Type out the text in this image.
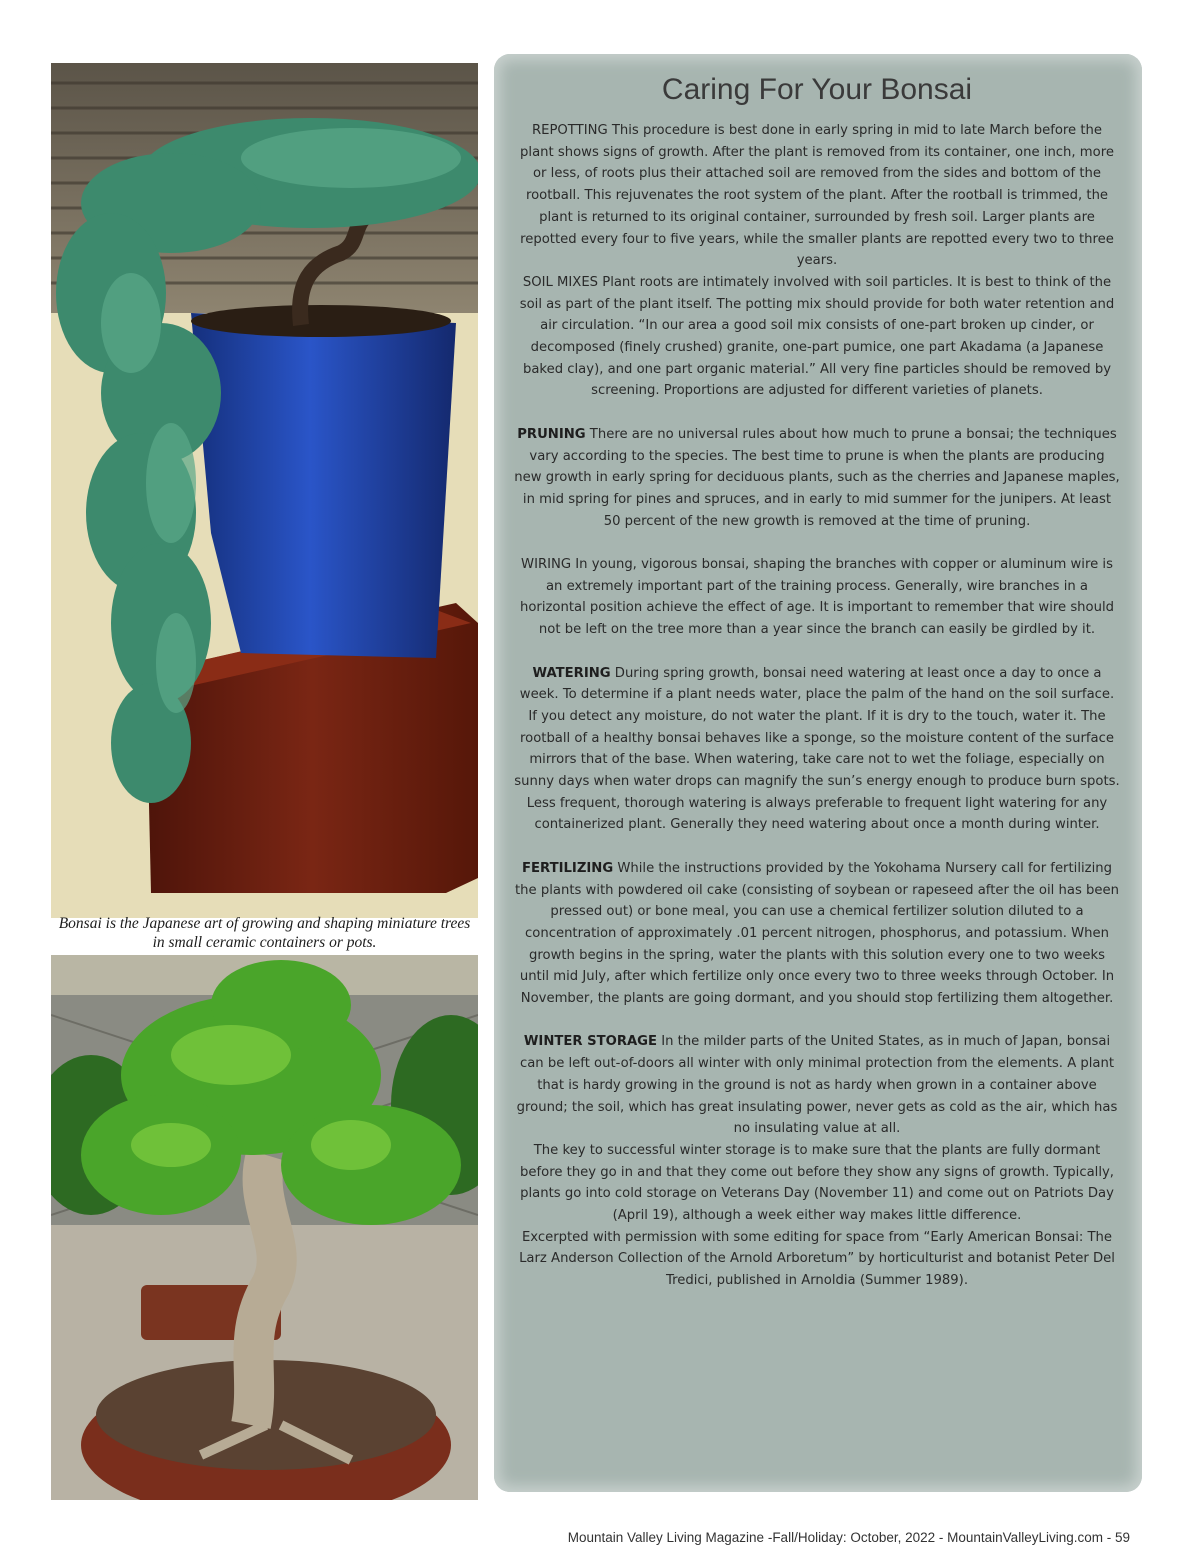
Bonsai is the Japanese art of growing and shaping miniature trees in small ceramic containers or pots.
Caring For Your Bonsai

REPOTTING This procedure is best done in early spring in mid to late March before the plant shows signs of growth. After the plant is removed from its container, one inch, more or less, of roots plus their attached soil are removed from the sides and bottom of the rootball. This rejuvenates the root system of the plant. After the rootball is trimmed, the plant is returned to its original container, surrounded by fresh soil. Larger plants are repotted every four to five years, while the smaller plants are repotted every two to three years.

SOIL MIXES Plant roots are intimately involved with soil particles. It is best to think of the soil as part of the plant itself. The potting mix should provide for both water retention and air circulation. “In our area a good soil mix consists of one-part broken up cinder, or decomposed (finely crushed) granite, one-part pumice, one part Akadama (a Japanese baked clay), and one part organic material.” All very fine particles should be removed by screening. Proportions are adjusted for different varieties of planets.

PRUNING There are no universal rules about how much to prune a bonsai; the techniques vary according to the species. The best time to prune is when the plants are producing new growth in early spring for deciduous plants, such as the cherries and Japanese maples, in mid spring for pines and spruces, and in early to mid summer for the junipers. At least 50 percent of the new growth is removed at the time of pruning.

WIRING In young, vigorous bonsai, shaping the branches with copper or aluminum wire is an extremely important part of the training process. Generally, wire branches in a horizontal position achieve the effect of age. It is important to remember that wire should not be left on the tree more than a year since the branch can easily be girdled by it.

WATERING During spring growth, bonsai need watering at least once a day to once a week. To determine if a plant needs water, place the palm of the hand on the soil surface. If you detect any moisture, do not water the plant. If it is dry to the touch, water it. The rootball of a healthy bonsai behaves like a sponge, so the moisture content of the surface mirrors that of the base. When watering, take care not to wet the foliage, especially on sunny days when water drops can magnify the sun’s energy enough to produce burn spots. Less frequent, thorough watering is always preferable to frequent light watering for any containerized plant. Generally they need watering about once a month during winter.

FERTILIZING While the instructions provided by the Yokohama Nursery call for fertilizing the plants with powdered oil cake (consisting of soybean or rapeseed after the oil has been pressed out) or bone meal, you can use a chemical fertilizer solution diluted to a concentration of approximately .01 percent nitrogen, phosphorus, and potassium. When growth begins in the spring, water the plants with this solution every one to two weeks until mid July, after which fertilize only once every two to three weeks through October. In November, the plants are going dormant, and you should stop fertilizing them altogether.

WINTER STORAGE In the milder parts of the United States, as in much of Japan, bonsai can be left out-of-doors all winter with only minimal protection from the elements. A plant that is hardy growing in the ground is not as hardy when grown in a container above ground; the soil, which has great insulating power, never gets as cold as the air, which has no insulating value at all.

The key to successful winter storage is to make sure that the plants are fully dormant before they go in and that they come out before they show any signs of growth. Typically, plants go into cold storage on Veterans Day (November 11) and come out on Patriots Day (April 19), although a week either way makes little difference.

Excerpted with permission with some editing for space from “Early American Bonsai: The Larz Anderson Collection of the Arnold Arboretum” by horticulturist and botanist Peter Del Tredici, published in Arnoldia (Summer 1989).

Mountain Valley Living Magazine -Fall/Holiday: October, 2022 - MountainValleyLiving.com - 59
